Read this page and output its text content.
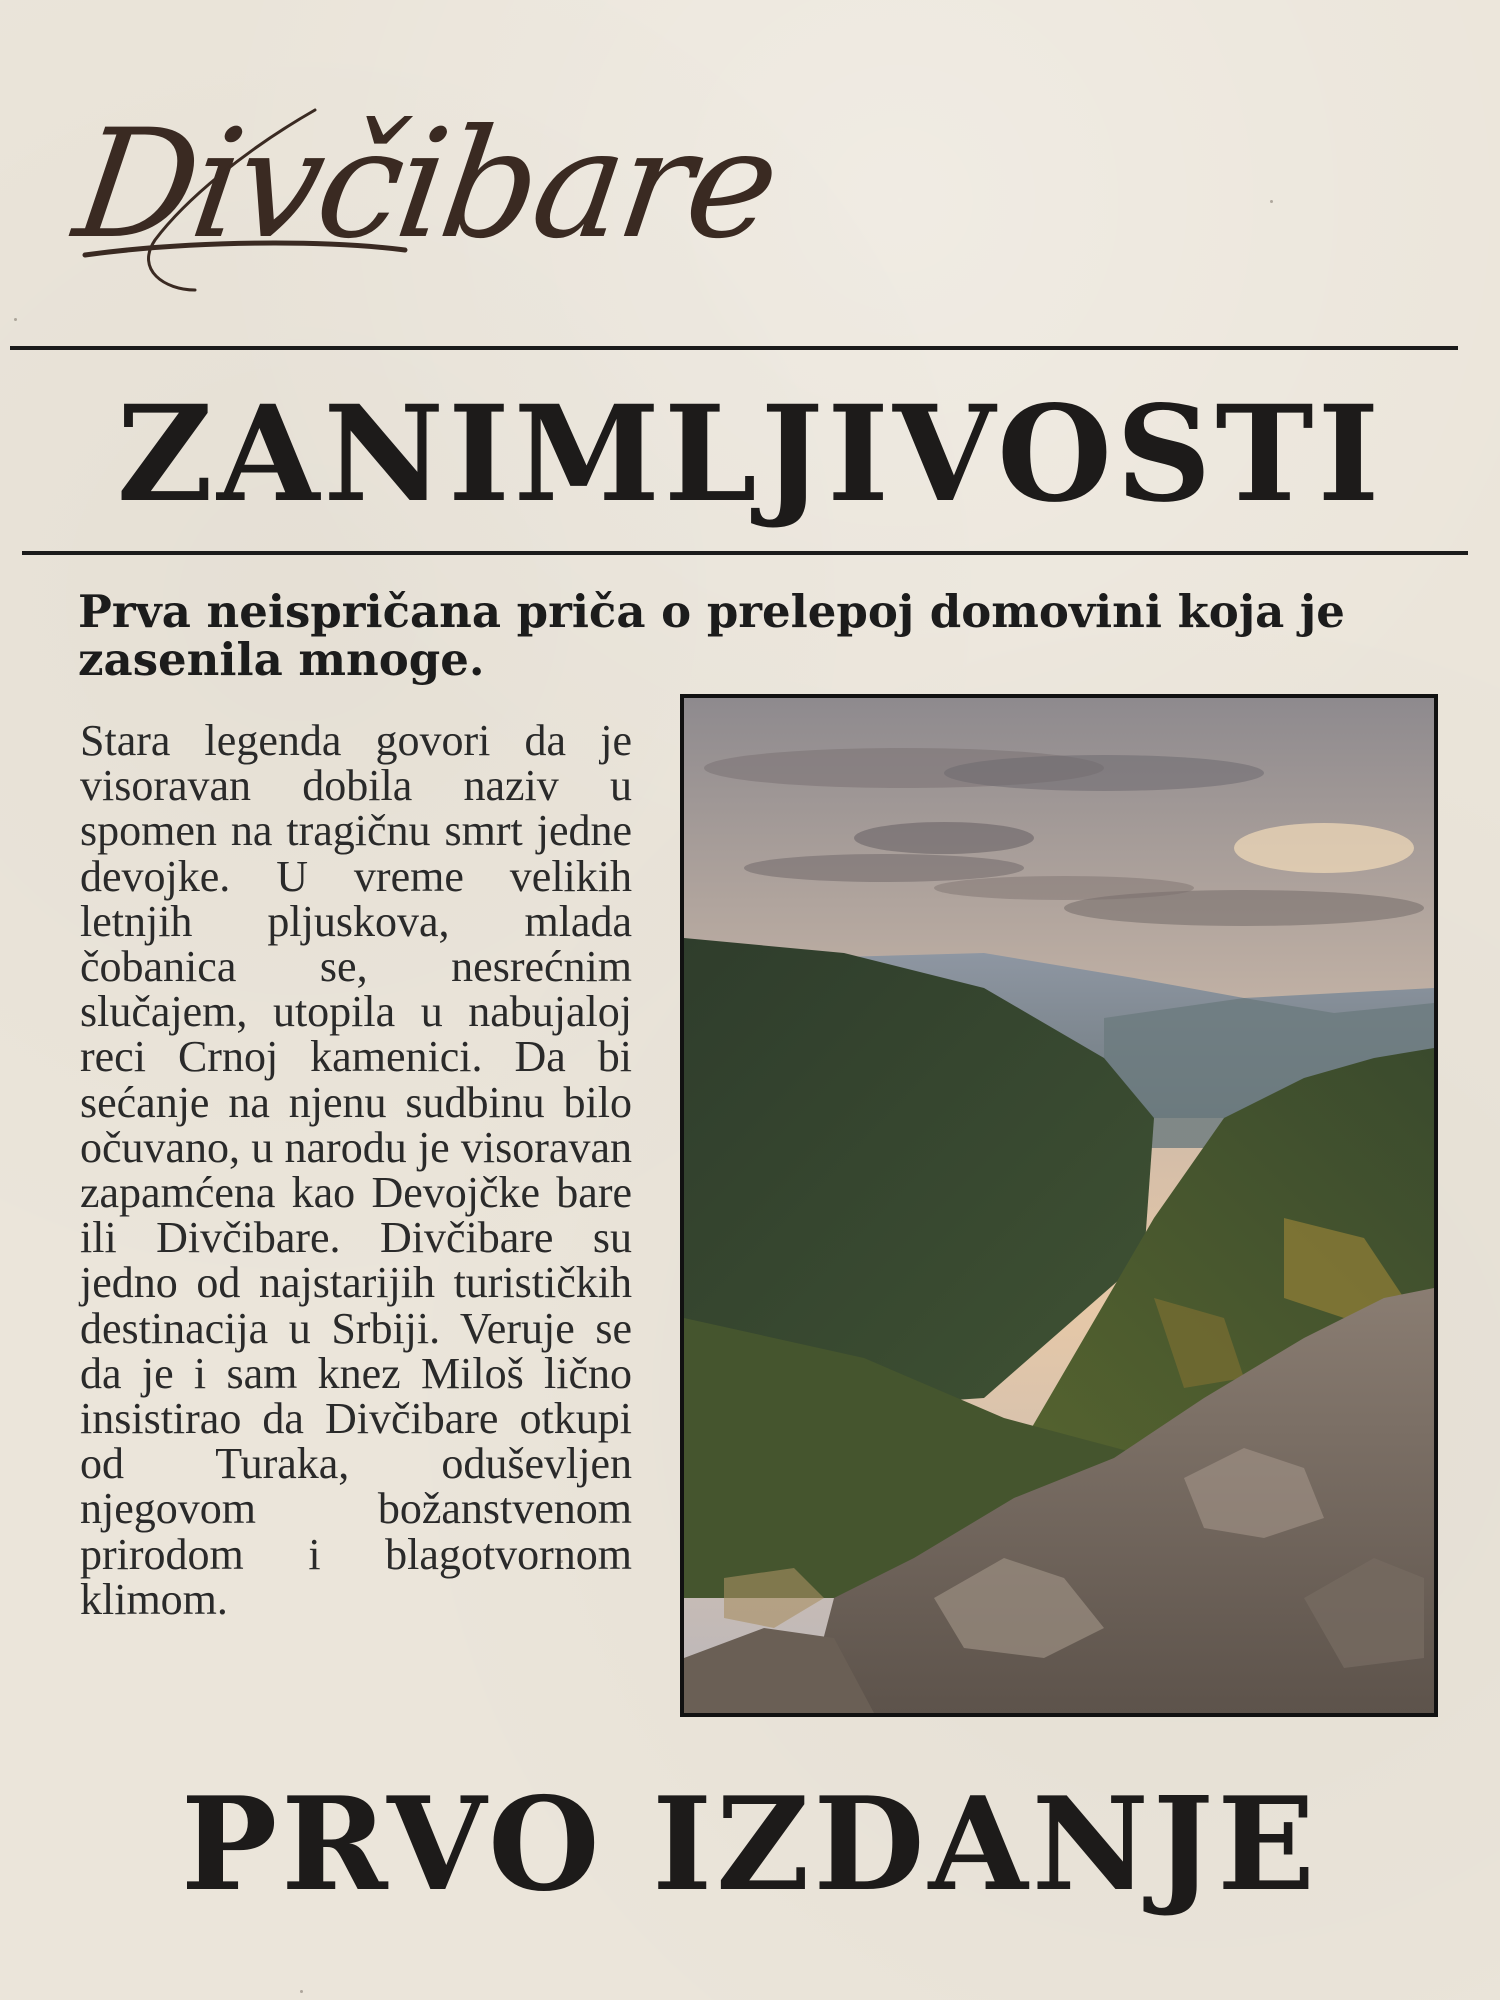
Divčibare
ZANIMLJIVOSTI
Prva neispričana priča o prelepoj domovini koja je zasenila mnoge.
Stara legenda govori da je visoravan dobila naziv u spomen na tragičnu smrt jedne devojke. U vreme velikih letnjih pljuskova, mlada čobanica se, nesrećnim slučajem, utopila u nabujaloj reci Crnoj kamenici. Da bi sećanje na njenu sudbinu bilo očuvano, u narodu je visoravan zapamćena kao Devojčke bare ili Divčibare. Divčibare su jedno od najstarijih turističkih destinacija u Srbiji. Veruje se da je i sam knez Miloš lično insistirao da Divčibare otkupi od Turaka, oduševljen njegovom božanstvenom prirodom i blagotvornom klimom.
PRVO IZDANJE
